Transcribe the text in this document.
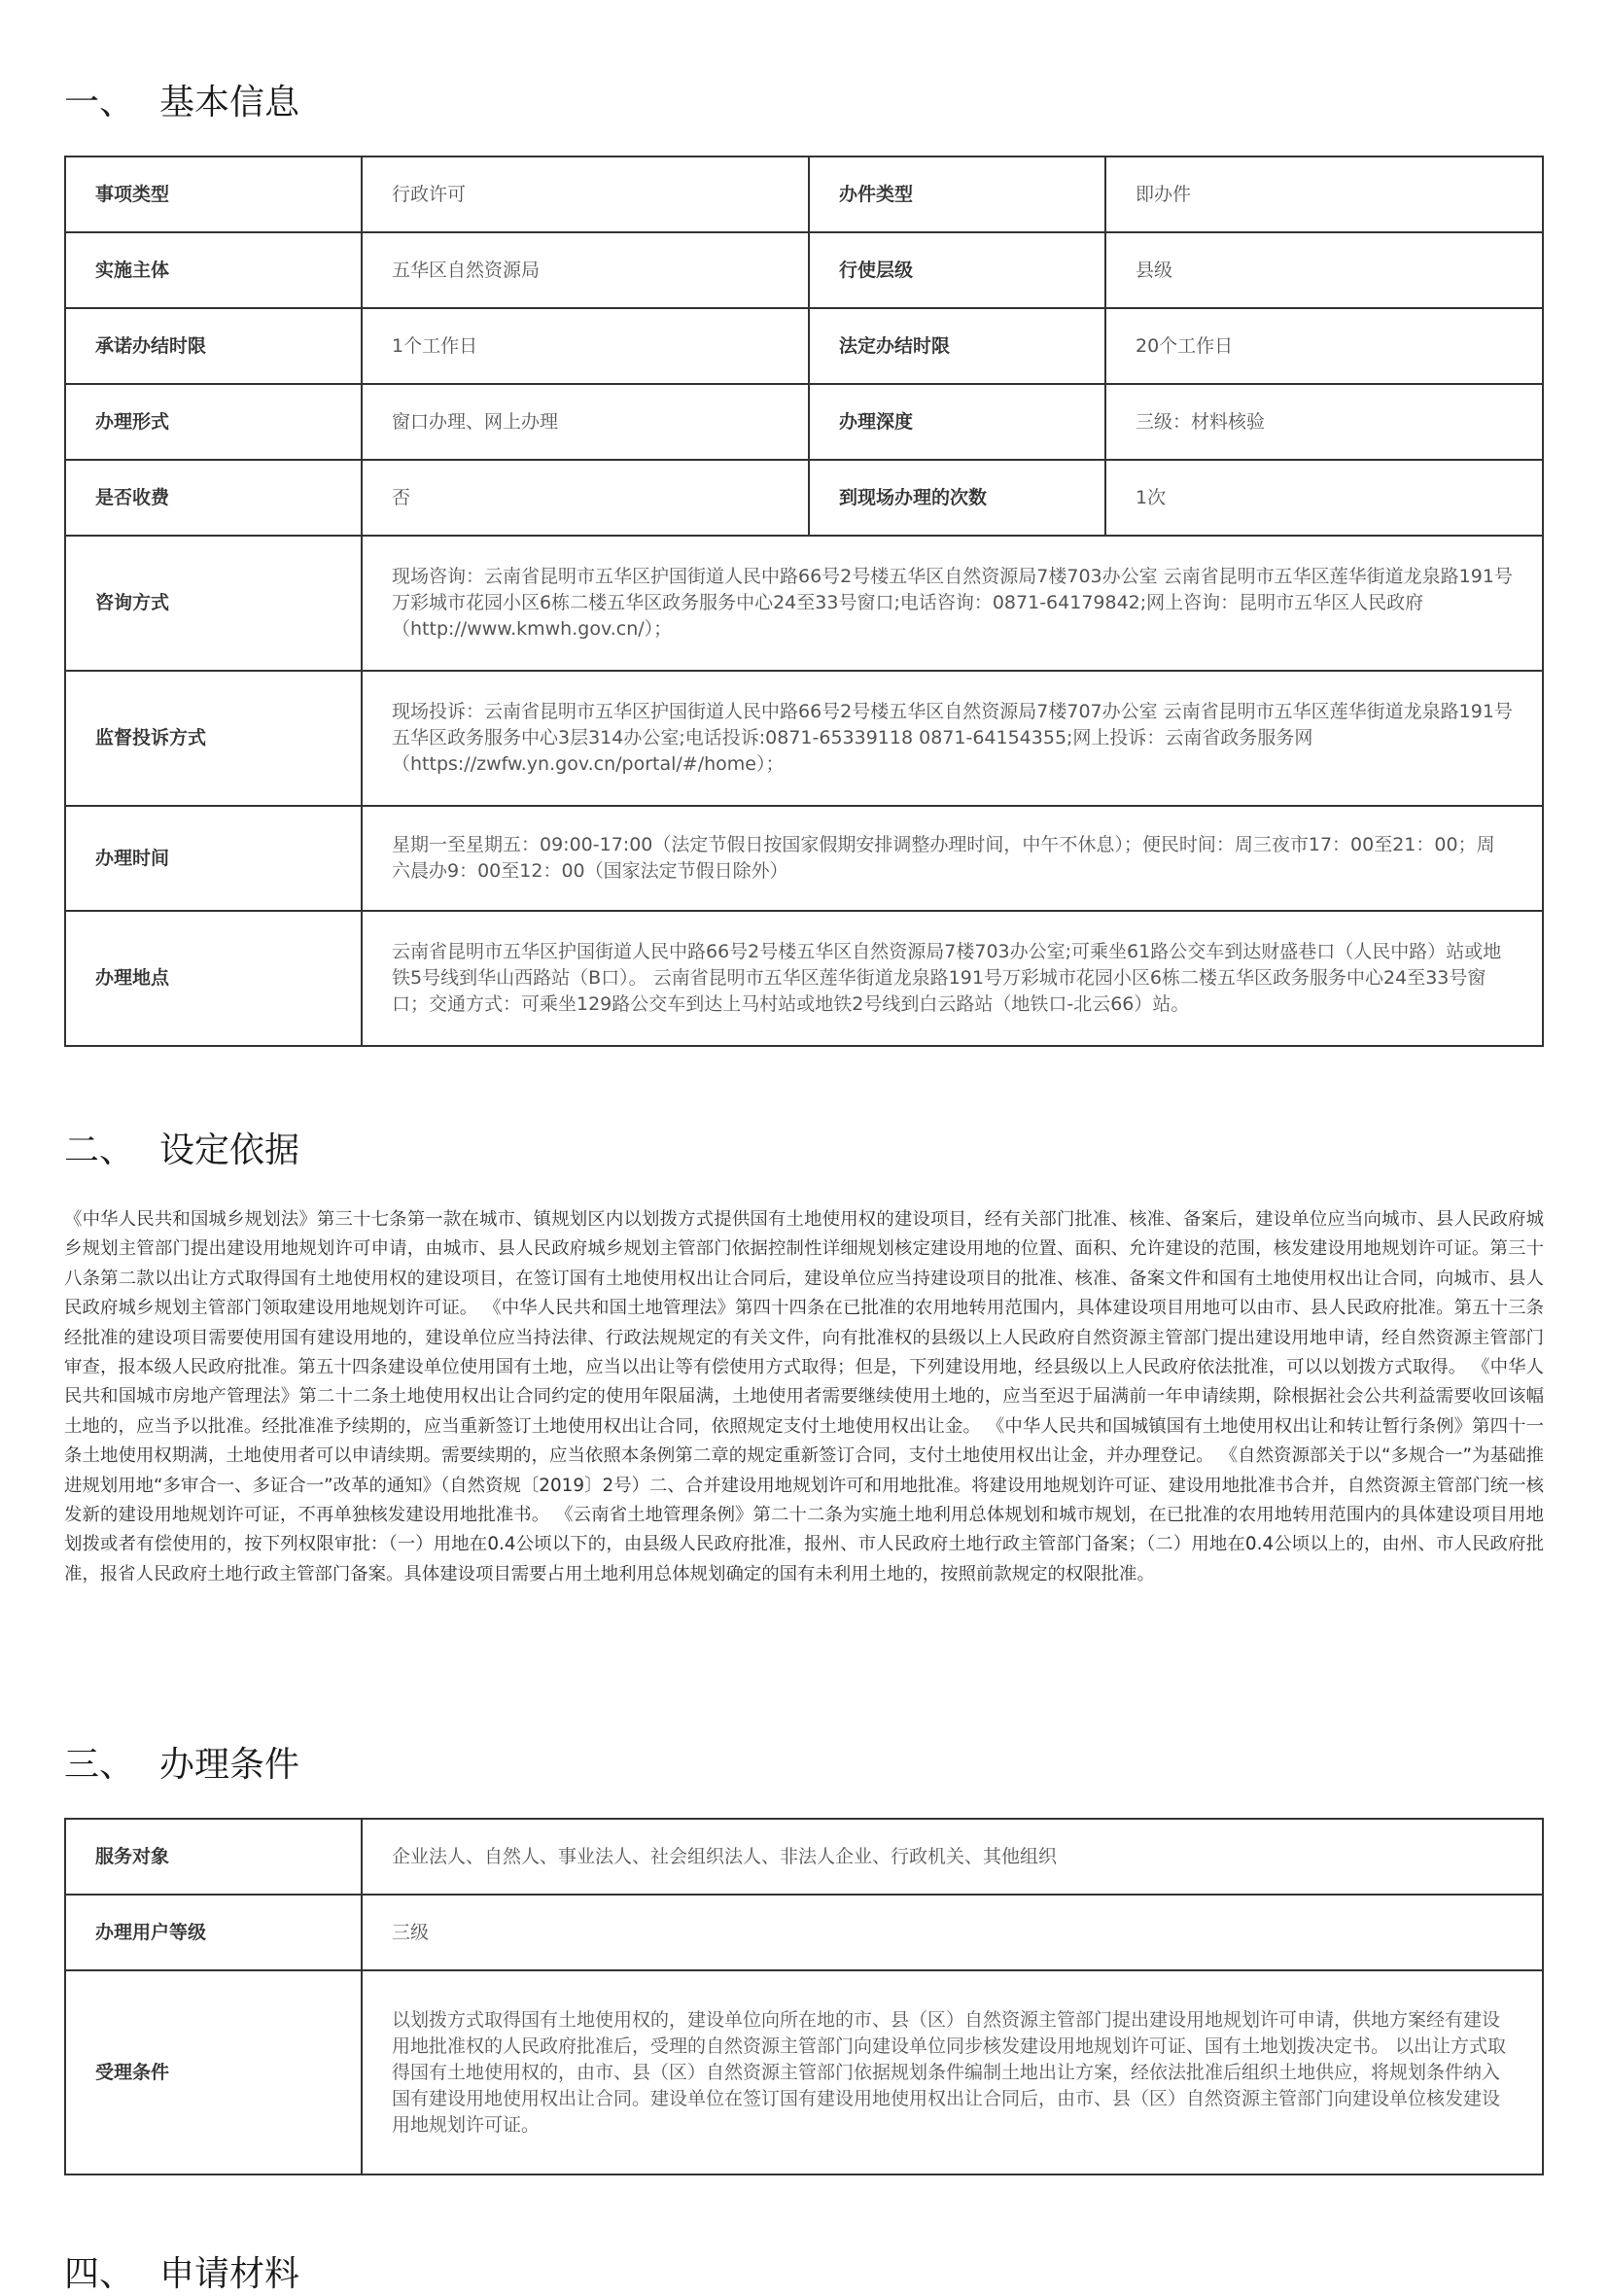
一、 基本信息
事项类型	行政许可	办件类型	即办件
实施主体	五华区自然资源局	行使层级	县级
承诺办结时限	1个工作日	法定办结时限	20个工作日
办理形式	窗口办理、网上办理	办理深度	三级：材料核验
是否收费	否	到现场办理的次数	1次
咨询方式	现场咨询：云南省昆明市五华区护国街道人民中路66号2号楼五华区自然资源局7楼703办公室 云南省昆明市五华区莲华街道龙泉路191号万彩城市花园小区6栋二楼五华区政务服务中心24至33号窗口;电话咨询：0871-64179842;网上咨询：昆明市五华区人民政府（http://www.kmwh.gov.cn/）；		
监督投诉方式	现场投诉：云南省昆明市五华区护国街道人民中路66号2号楼五华区自然资源局7楼707办公室 云南省昆明市五华区莲华街道龙泉路191号五华区政务服务中心3层314办公室;电话投诉:0871-65339118 0871-64154355;网上投诉：云南省政务服务网（https://zwfw.yn.gov.cn/portal/#/home）；		
办理时间	星期一至星期五：09:00-17:00（法定节假日按国家假期安排调整办理时间，中午不休息）；便民时间：周三夜市17：00至21：00；周六晨办9：00至12：00（国家法定节假日除外）		
办理地点	云南省昆明市五华区护国街道人民中路66号2号楼五华区自然资源局7楼703办公室;可乘坐61路公交车到达财盛巷口（人民中路）站或地铁5号线到华山西路站（B口）。 云南省昆明市五华区莲华街道龙泉路191号万彩城市花园小区6栋二楼五华区政务服务中心24至33号窗口；交通方式：可乘坐129路公交车到达上马村站或地铁2号线到白云路站（地铁口-北云66）站。		
二、 设定依据

《中华人民共和国城乡规划法》第三十七条第一款在城市、镇规划区内以划拨方式提供国有土地使用权的建设项目，经有关部门批准、核准、备案后，建设单位应当向城市、县人民政府城乡规划主管部门提出建设用地规划许可申请，由城市、县人民政府城乡规划主管部门依据控制性详细规划核定建设用地的位置、面积、允许建设的范围，核发建设用地规划许可证。第三十八条第二款以出让方式取得国有土地使用权的建设项目，在签订国有土地使用权出让合同后，建设单位应当持建设项目的批准、核准、备案文件和国有土地使用权出让合同，向城市、县人民政府城乡规划主管部门领取建设用地规划许可证。 《中华人民共和国土地管理法》第四十四条在已批准的农用地转用范围内，具体建设项目用地可以由市、县人民政府批准。第五十三条经批准的建设项目需要使用国有建设用地的，建设单位应当持法律、行政法规规定的有关文件，向有批准权的县级以上人民政府自然资源主管部门提出建设用地申请，经自然资源主管部门审查，报本级人民政府批准。第五十四条建设单位使用国有土地，应当以出让等有偿使用方式取得；但是，下列建设用地，经县级以上人民政府依法批准，可以以划拨方式取得。 《中华人民共和国城市房地产管理法》第二十二条土地使用权出让合同约定的使用年限届满，土地使用者需要继续使用土地的，应当至迟于届满前一年申请续期，除根据社会公共利益需要收回该幅土地的，应当予以批准。经批准准予续期的，应当重新签订土地使用权出让合同，依照规定支付土地使用权出让金。 《中华人民共和国城镇国有土地使用权出让和转让暂行条例》第四十一条土地使用权期满，土地使用者可以申请续期。需要续期的，应当依照本条例第二章的规定重新签订合同，支付土地使用权出让金，并办理登记。 《自然资源部关于以“多规合一”为基础推进规划用地“多审合一、多证合一”改革的通知》（自然资规〔2019〕2号）二、合并建设用地规划许可和用地批准。将建设用地规划许可证、建设用地批准书合并，自然资源主管部门统一核发新的建设用地规划许可证，不再单独核发建设用地批准书。 《云南省土地管理条例》第二十二条为实施土地利用总体规划和城市规划，在已批准的农用地转用范围内的具体建设项目用地划拨或者有偿使用的，按下列权限审批：（一）用地在0.4公顷以下的，由县级人民政府批准，报州、市人民政府土地行政主管部门备案；（二）用地在0.4公顷以上的，由州、市人民政府批准，报省人民政府土地行政主管部门备案。具体建设项目需要占用土地利用总体规划确定的国有未利用土地的，按照前款规定的权限批准。

三、 办理条件
服务对象	企业法人、自然人、事业法人、社会组织法人、非法人企业、行政机关、其他组织
办理用户等级	三级
受理条件	以划拨方式取得国有土地使用权的，建设单位向所在地的市、县（区）自然资源主管部门提出建设用地规划许可申请，供地方案经有建设用地批准权的人民政府批准后，受理的自然资源主管部门向建设单位同步核发建设用地规划许可证、国有土地划拨决定书。 以出让方式取得国有土地使用权的，由市、县（区）自然资源主管部门依据规划条件编制土地出让方案，经依法批准后组织土地供应，将规划条件纳入国有建设用地使用权出让合同。建设单位在签订国有建设用地使用权出让合同后，由市、县（区）自然资源主管部门向建设单位核发建设用地规划许可证。
四、 申请材料
